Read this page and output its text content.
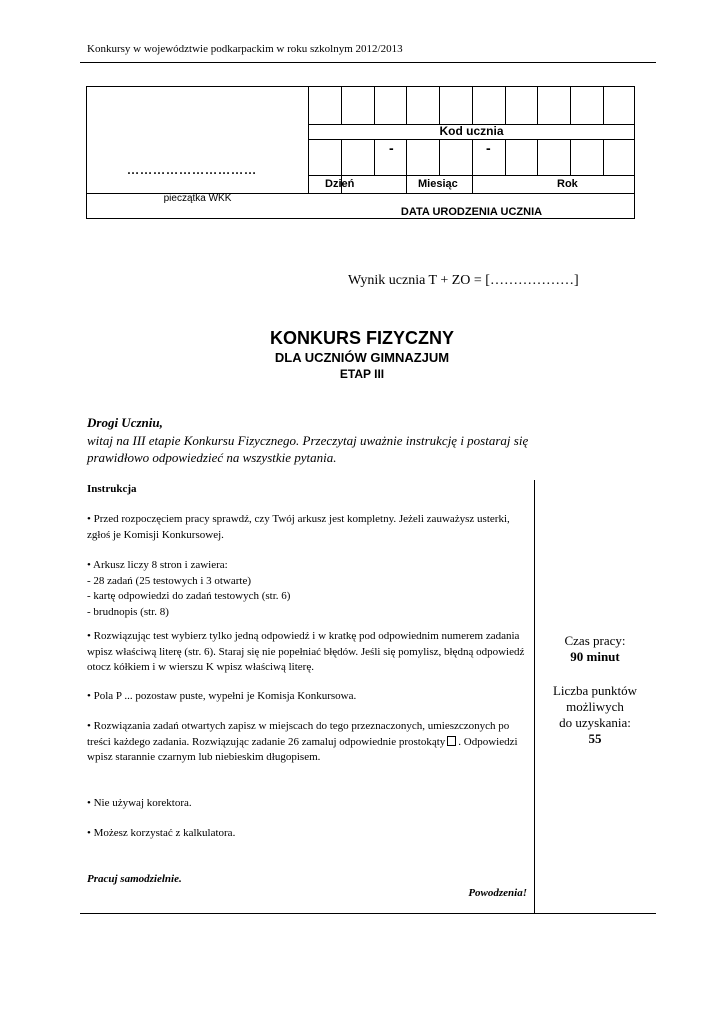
Konkursy w województwie podkarpackim w roku szkolnym 2012/2013
Kod ucznia
-	-
Dzień	Miesiąc	Rok
…………………………
pieczątka WKK
DATA URODZENIA UCZNIA
Wynik ucznia T + ZO = [………………]
KONKURS FIZYCZNY
DLA UCZNIÓW GIMNAZJUM
ETAP III
Drogi Uczniu,
witaj na III etapie Konkursu Fizycznego. Przeczytaj uważnie instrukcję i postaraj się prawidłowo odpowiedzieć na wszystkie pytania.
Instrukcja
• Przed rozpoczęciem pracy sprawdź, czy Twój arkusz jest kompletny. Jeżeli zauważysz usterki, zgłoś je Komisji Konkursowej.
• Arkusz liczy 8 stron i zawiera:
- 28 zadań (25 testowych i 3 otwarte)
- kartę odpowiedzi do zadań testowych (str. 6)
- brudnopis (str. 8)
• Rozwiązując test wybierz tylko jedną odpowiedź i w kratkę pod odpowiednim numerem zadania wpisz właściwą literę (str. 6). Staraj się nie popełniać błędów. Jeśli się pomylisz, błędną odpowiedź otocz kółkiem i w wierszu K wpisz właściwą literę.
• Pola P ... pozostaw puste, wypełni je Komisja Konkursowa.
• Rozwiązania zadań otwartych zapisz w miejscach do tego przeznaczonych, umieszczonych po treści każdego zadania. Rozwiązując zadanie 26 zamaluj odpowiednie prostokąty . Odpowiedzi wpisz starannie czarnym lub niebieskim długopisem.
• Nie używaj korektora.
• Możesz korzystać z kalkulatora.
Pracuj samodzielnie.
Powodzenia!
Czas pracy:
90 minut
Liczba punktów
możliwych
do uzyskania:
55
